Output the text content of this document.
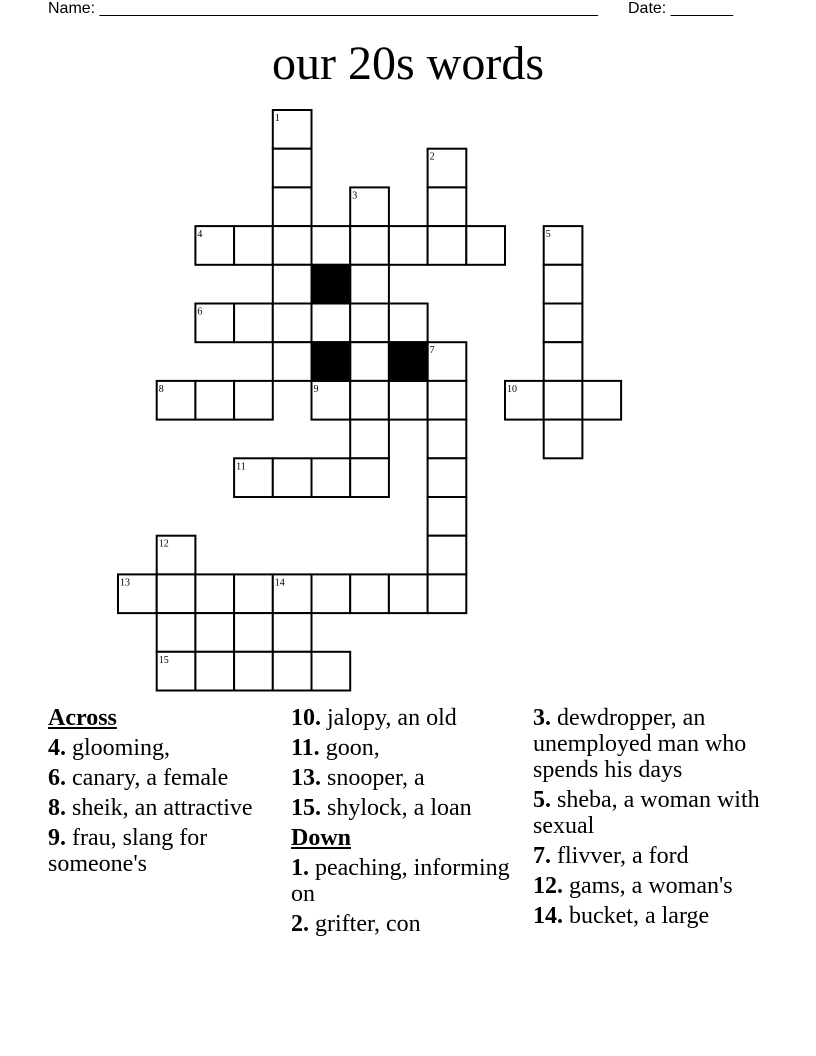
Name: ________________________________________________________ Date: _______
our 20s words
1
2
3
4	5
6
7
8	9	10
11
12
13	14
15
Across
4. glooming,
6. canary, a female
8. sheik, an attractive
9. frau, slang for someone's
10. jalopy, an old
11. goon,
13. snooper, a
15. shylock, a loan
Down
1. peaching, informing on
2. grifter, con
3. dewdropper, an unemployed man who spends his days
5. sheba, a woman with sexual
7. flivver, a ford
12. gams, a woman's
14. bucket, a large
